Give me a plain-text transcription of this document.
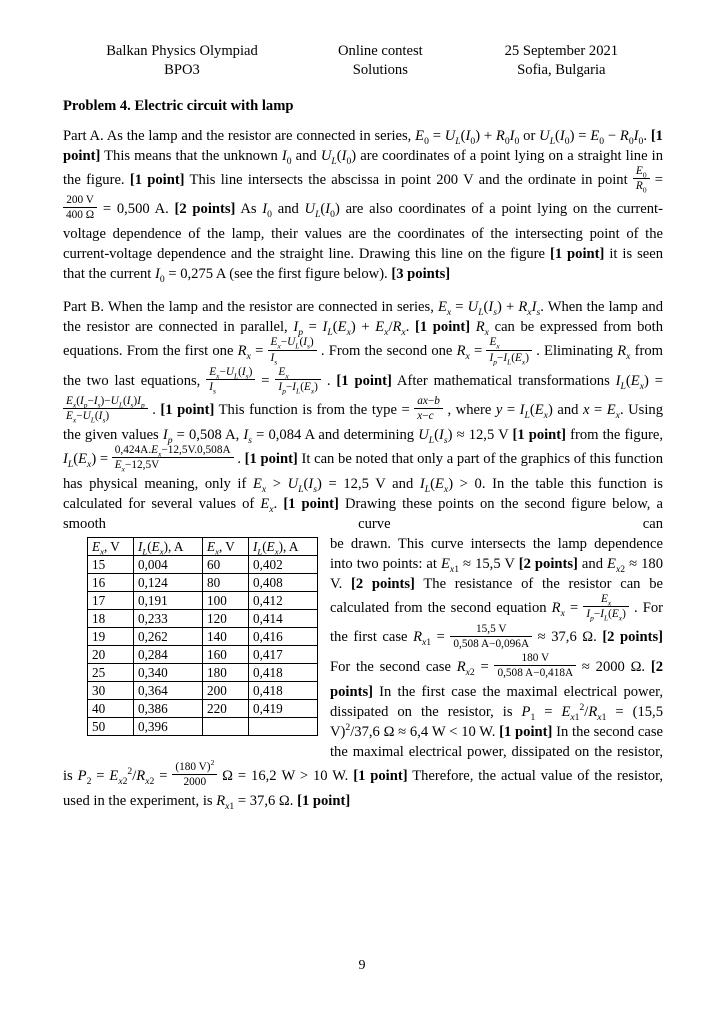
Balkan Physics Olympiad
BPO3
Online contest
Solutions
25 September 2021
Sofia, Bulgaria
Problem 4. Electric circuit with lamp

Part A. As the lamp and the resistor are connected in series, $E_0 = U_L(I_0) + R_0I_0$ or $U_L(I_0) = E_0 - R_0I_0$. [1 point] This means that the unknown $I_0$ and $U_L(I_0)$ are coordinates of a point lying on a straight line in the figure. [1 point] This line intersects the abscissa in point 200 V and the ordinate in point $\frac{E_0}{R_0}$ =
$\frac{200 V}{400 \Omega} = 0,500$ A. [2 points] As $I_0$ and $U_L(I_0)$ are also coordinates of a point lying on the current-voltage dependence of the lamp, their values are the coordinates of the intersecting point of the current-voltage dependence and the straight line. Drawing this line on the figure [1 point] it is seen that the current $I_0 = 0,275$ A (see the first figure below). [3 points]

Part B. When the lamp and the resistor are connected in series, $E_x = U_L(I_s) + R_xI_s$. When the lamp and the resistor are connected in parallel, $I_p = I_L(E_x) + E_x/R_x$. [1 point] $R_x$ can be expressed from both equations. From the first one $R_x = \frac{E_x-U_L(I_s)}{I_s}$ . From the second one $R_x = \frac{E_x}{I_p-I_L(E_x)}$ . Eliminating $R_x$ from the two last equations, $\frac{E_x-U_L(I_s)}{I_s} = \frac{E_x}{I_p-I_L(E_x)}$ . [1 point] After mathematical transformations $I_L(E_x)$ =
$\frac{E_x(I_p-I_s)-U_L(I_s)I_p}{E_x-U_L(I_s)}$ . [1 point] This function is from the type = $\frac{ax-b}{x-c}$ , where $y = I_L(E_x)$ and $x = E_x$. Using the given values $I_p = 0,508$ A, $I_s = 0,084$ A and determining $U_L(I_s) \approx 12,5$ V [1 point] from the figure, $I_L(E_x) = \frac{0,424A.E_x-12,5V.0,508A}{E_x-12,5V}$ . [1 point] It can be noted that only a part of the graphics of this function has physical meaning, only if $E_x > U_L(I_s) = 12,5$ V and $I_L(E_x) > 0$. In the table this function is calculated for several values of $E_x$. [1 point] Drawing these points on the second figure below, a smooth curve can

$E_x$, V	$I_L(E_x)$, A	$E_x$, V	$I_L(E_x)$, A
15	0,004	60	0,402
16	0,124	80	0,408
17	0,191	100	0,412
18	0,233	120	0,414
19	0,262	140	0,416
20	0,284	160	0,417
25	0,340	180	0,418
30	0,364	200	0,418
40	0,386	220	0,419
50	0,396		
be drawn. This curve intersects the lamp dependence into two points: at $E_{x1} \approx 15,5$ V [2 points] and $E_{x2} \approx 180$ V. [2 points] The resistance of the resistor can be calculated from the second equation $R_x = \frac{E_x}{I_p-I_L(E_x)}$ . For the first case $R_{x1} = \frac{15,5 V}{0,508 A-0,096A} \approx 37,6$ Ω. [2 points] For the second case $R_{x2} = \frac{180 V}{0,508 A-0,418A} \approx 2000$ Ω. [2 points] In the first case the maximal electrical power, dissipated on the resistor, is $P_1 = E_{x1}^2/R_{x1} = (15,5$ V)$^2$/37,6 Ω ≈ 6,4 W < 10 W. [1 point] In the second case the maximal electrical power, dissipated on the resistor, is $P_2 = E_{x2}^2/R_{x2} = \frac{(180 V)^2}{2000}$ Ω = 16,2 W > 10 W. [1 point] Therefore, the actual value of the resistor, used in the experiment, is $R_{x1} = 37,6$ Ω. [1 point]
9
